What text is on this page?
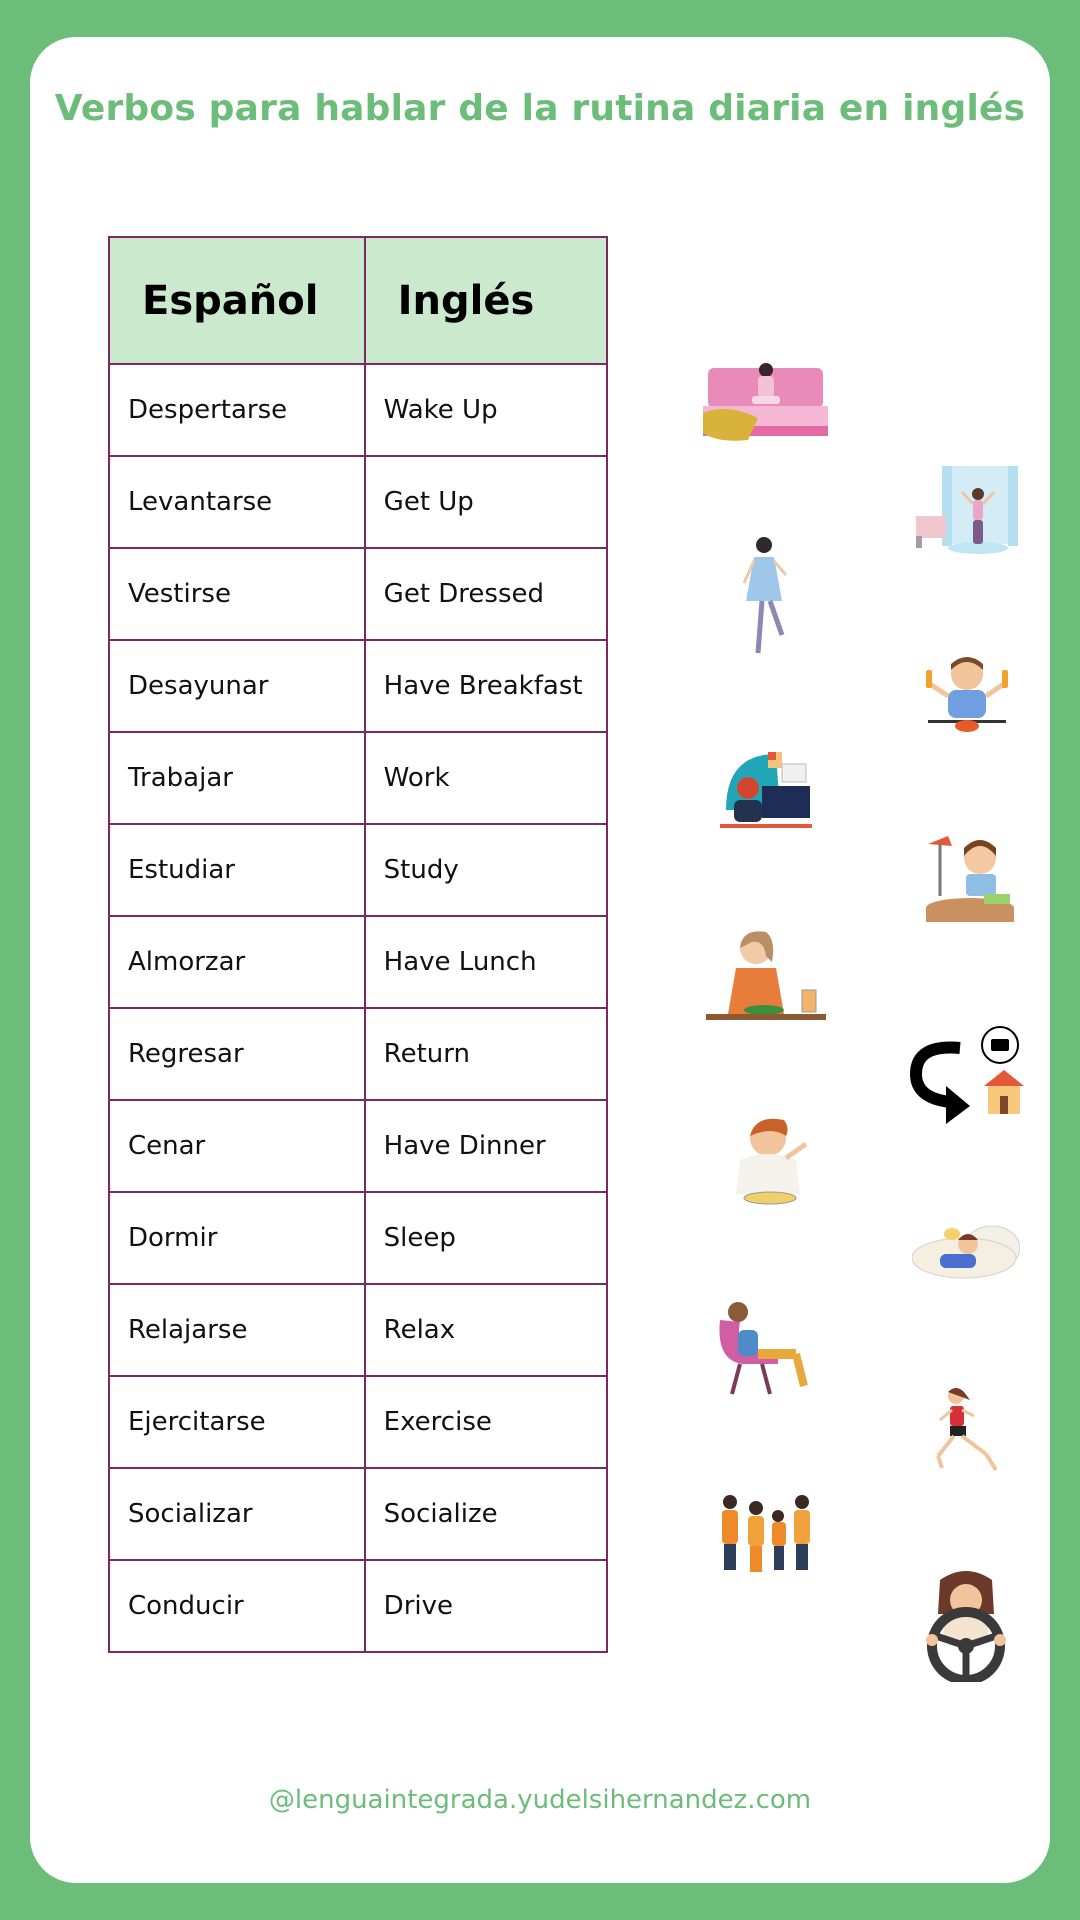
Verbos para hablar de la rutina diaria en inglés
Español	Inglés
Despertarse	Wake Up
Levantarse	Get Up
Vestirse	Get Dressed
Desayunar	Have Breakfast
Trabajar	Work
Estudiar	Study
Almorzar	Have Lunch
Regresar	Return
Cenar	Have Dinner
Dormir	Sleep
Relajarse	Relax
Ejercitarse	Exercise
Socializar	Socialize
Conducir	Drive
@lenguaintegrada.yudelsihernandez.com
